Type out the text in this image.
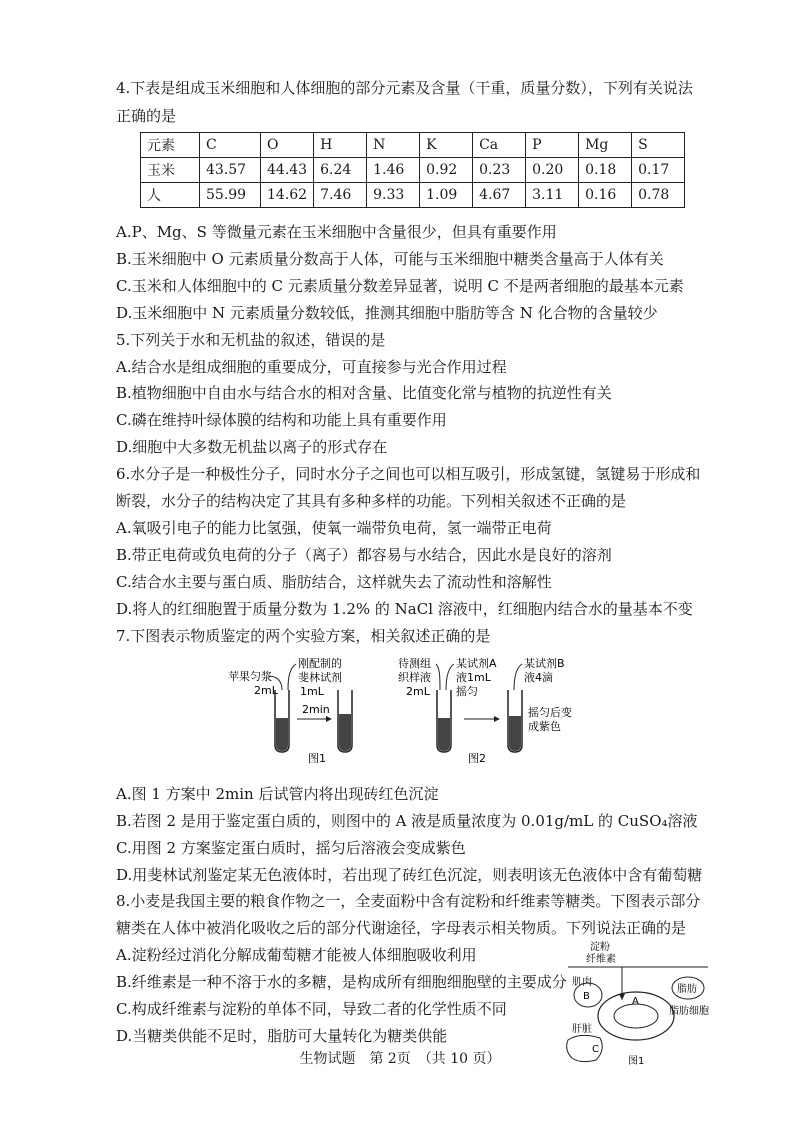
4.下表是组成玉米细胞和人体细胞的部分元素及含量（干重，质量分数），下列有关说法
正确的是
元素	C	O	H	N	K	Ca	P	Mg	S
玉米	43.57	44.43	6.24	1.46	0.92	0.23	0.20	0.18	0.17
人	55.99	14.62	7.46	9.33	1.09	4.67	3.11	0.16	0.78
A.P、Mg、S 等微量元素在玉米细胞中含量很少，但具有重要作用
B.玉米细胞中 O 元素质量分数高于人体，可能与玉米细胞中糖类含量高于人体有关
C.玉米和人体细胞中的 C 元素质量分数差异显著，说明 C 不是两者细胞的最基本元素
D.玉米细胞中 N 元素质量分数较低，推测其细胞中脂肪等含 N 化合物的含量较少
5.下列关于水和无机盐的叙述，错误的是
A.结合水是组成细胞的重要成分，可直接参与光合作用过程
B.植物细胞中自由水与结合水的相对含量、比值变化常与植物的抗逆性有关
C.磷在维持叶绿体膜的结构和功能上具有重要作用
D.细胞中大多数无机盐以离子的形式存在
6.水分子是一种极性分子，同时水分子之间也可以相互吸引，形成氢键，氢键易于形成和
断裂，水分子的结构决定了其具有多种多样的功能。下列相关叙述不正确的是
A.氧吸引电子的能力比氢强，使氧一端带负电荷，氢一端带正电荷
B.带正电荷或负电荷的分子（离子）都容易与水结合，因此水是良好的溶剂
C.结合水主要与蛋白质、脂肪结合，这样就失去了流动性和溶解性
D.将人的红细胞置于质量分数为 1.2% 的 NaCl 溶液中，红细胞内结合水的量基本不变
7.下图表示物质鉴定的两个实验方案，相关叙述正确的是
苹果匀浆
2mL
刚配制的
斐林试剂
1mL
2min
图1
待测组
织样液
2mL
某试剂A
液1mL
摇匀
某试剂B
液4滴
摇匀后变
成紫色
图2
淀粉
纤维素
肌肉
B	A
脂肪
脂肪细胞
肝脏
C
图1
A.图 1 方案中 2min 后试管内将出现砖红色沉淀
B.若图 2 是用于鉴定蛋白质的，则图中的 A 液是质量浓度为 0.01g/mL 的 CuSO₄溶液
C.用图 2 方案鉴定蛋白质时，摇匀后溶液会变成紫色
D.用斐林试剂鉴定某无色液体时，若出现了砖红色沉淀，则表明该无色液体中含有葡萄糖
8.小麦是我国主要的粮食作物之一，全麦面粉中含有淀粉和纤维素等糖类。下图表示部分
糖类在人体中被消化吸收之后的部分代谢途径，字母表示相关物质。下列说法正确的是
A.淀粉经过消化分解成葡萄糖才能被人体细胞吸收利用
B.纤维素是一种不溶于水的多糖，是构成所有细胞细胞壁的主要成分
C.构成纤维素与淀粉的单体不同，导致二者的化学性质不同
D.当糖类供能不足时，脂肪可大量转化为糖类供能
生物试题　第 2页　（共 10 页）
